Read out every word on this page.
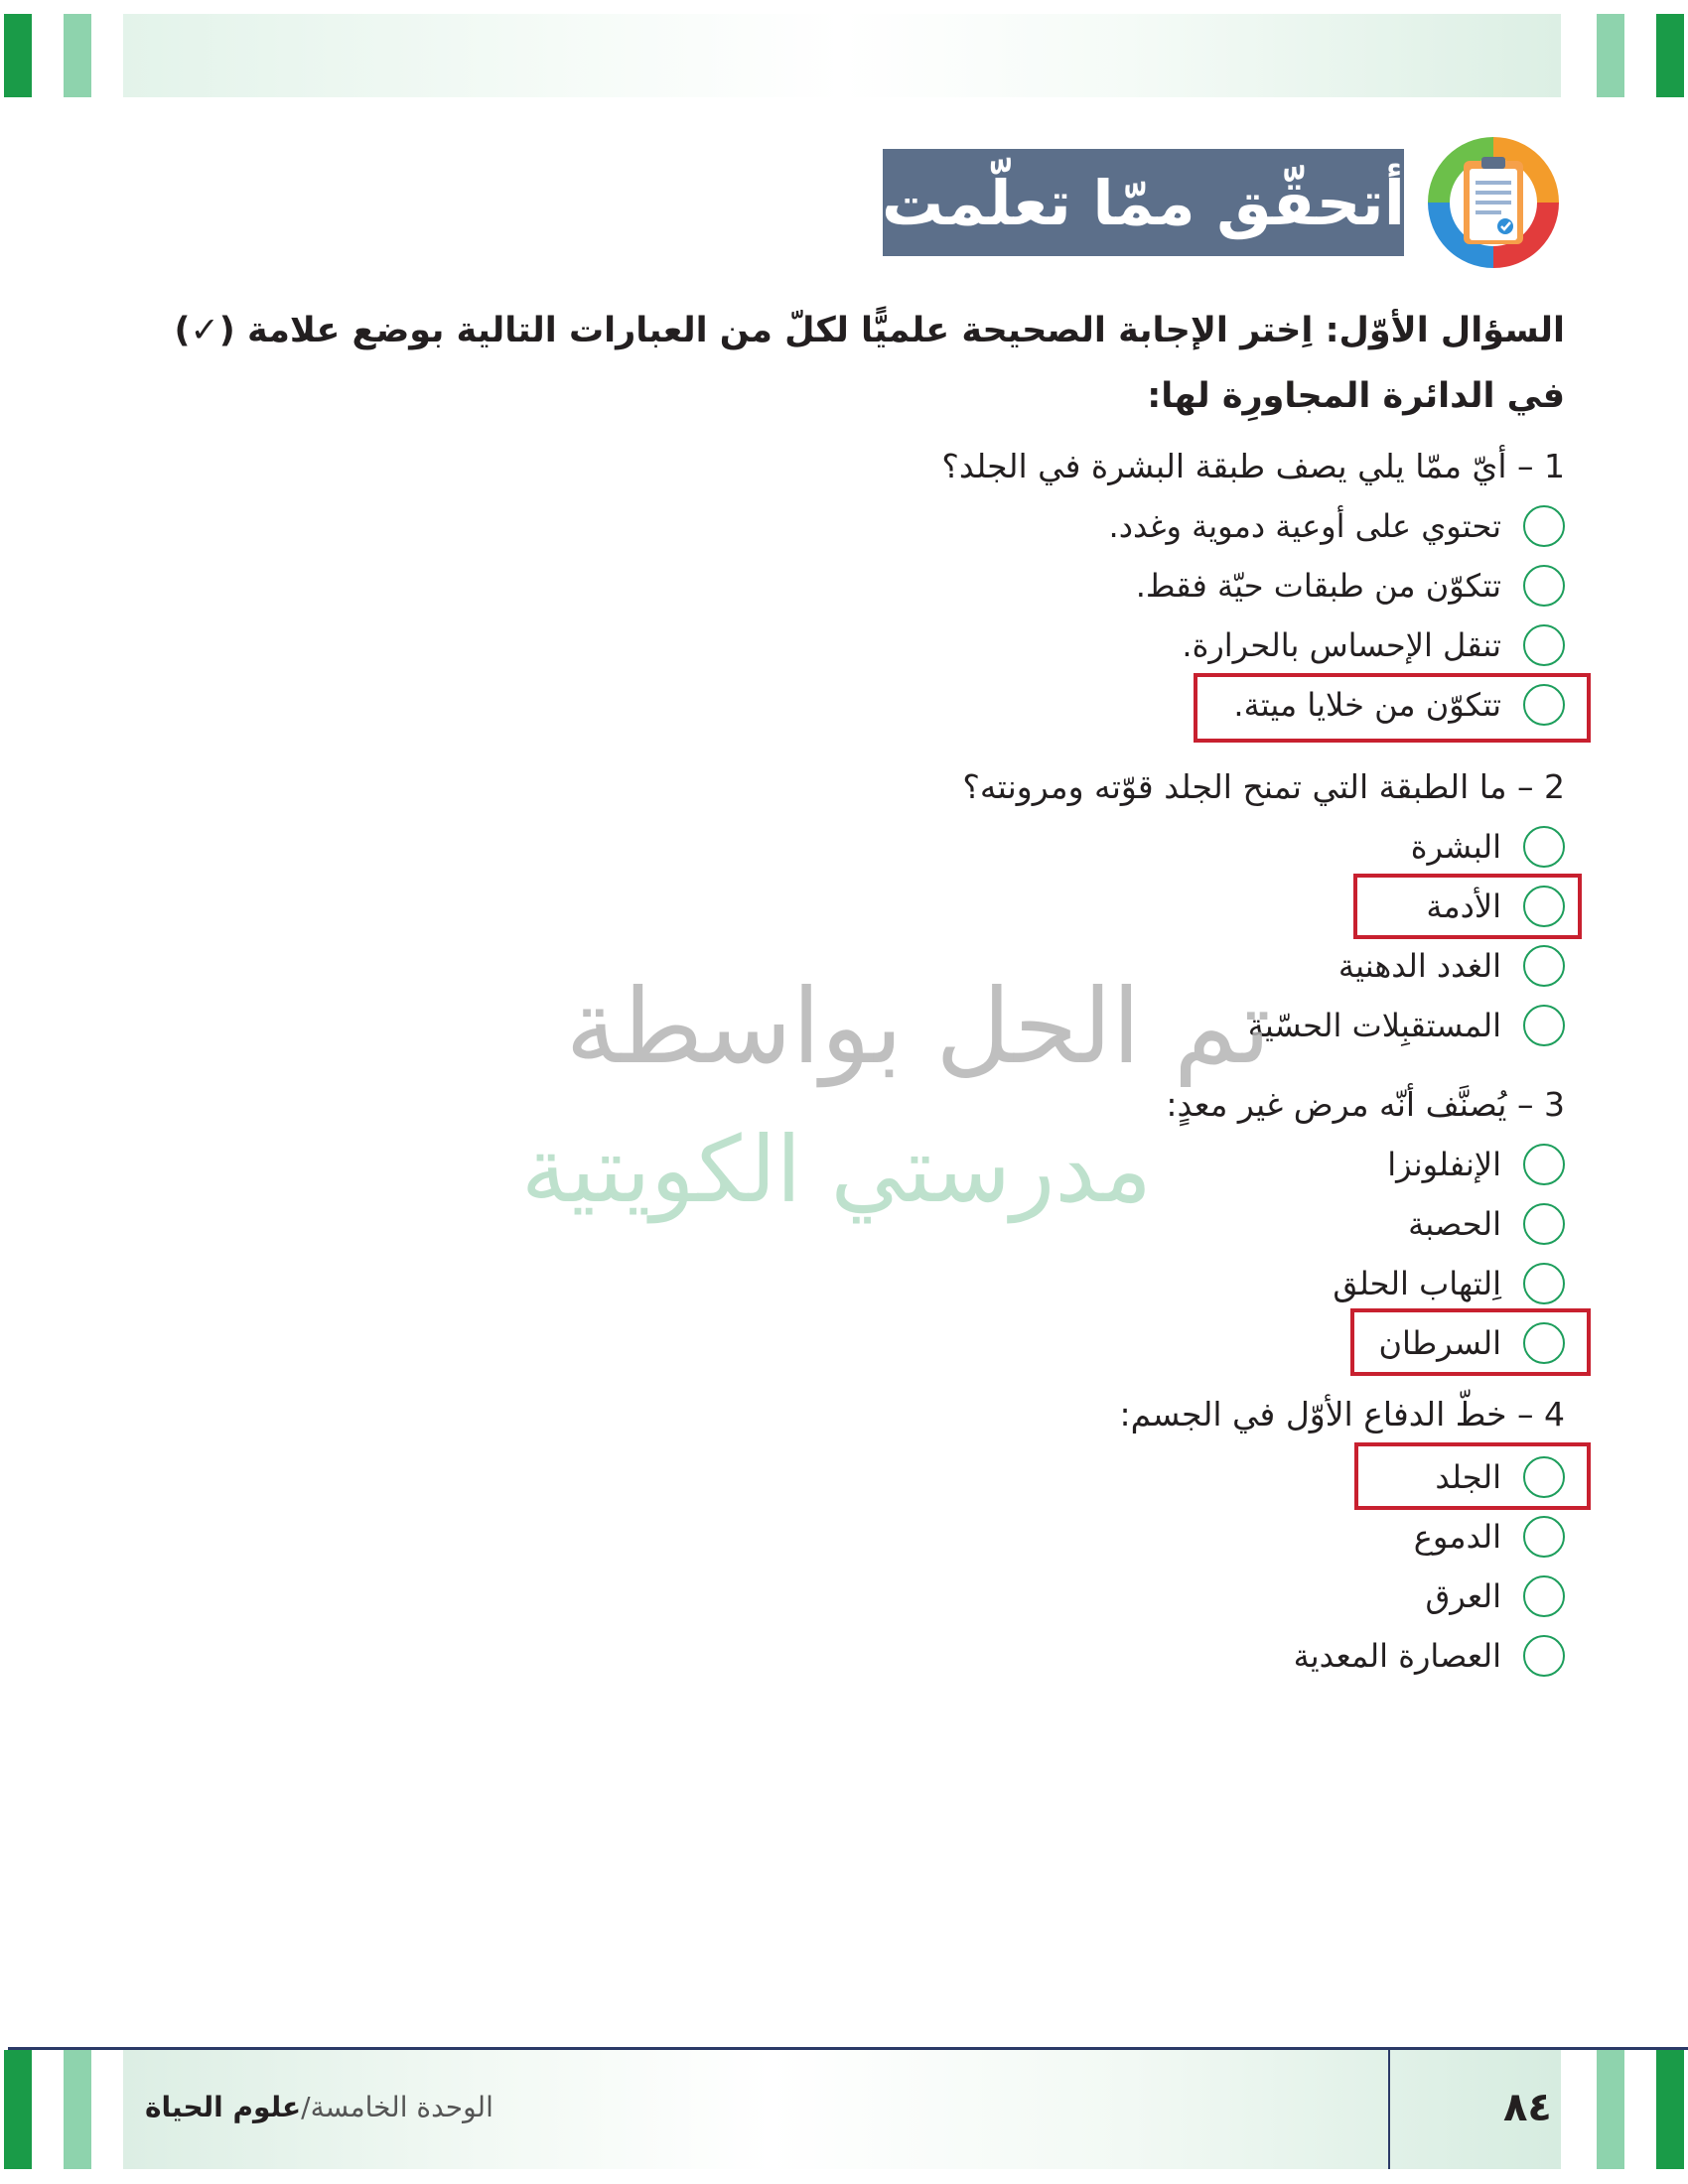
أتحقّق ممّا تعلّمت
السؤال الأوّل: اِختر الإجابة الصحيحة علميًّا لكلّ من العبارات التالية بوضع علامة (✓) في الدائرة المجاورِة لها:
1 – أيّ ممّا يلي يصف طبقة البشرة في الجلد؟
تحتوي على أوعية دموية وغدد.
تتكوّن من طبقات حيّة فقط.
تنقل الإحساس بالحرارة.
تتكوّن من خلايا ميتة.
2 – ما الطبقة التي تمنح الجلد قوّته ومرونته؟
البشرة
الأدمة
الغدد الدهنية
المستقبِلات الحسّية
3 – يُصنَّف أنّه مرض غير معدٍ:
الإنفلونزا
الحصبة
اِلتهاب الحلق
السرطان
4 – خطّ الدفاع الأوّل في الجسم:
الجلد
الدموع
العرق
العصارة المعدية
تم الحل بواسطة
مدرستي الكويتية
٨٤
الوحدة الخامسة/علوم الحياة
